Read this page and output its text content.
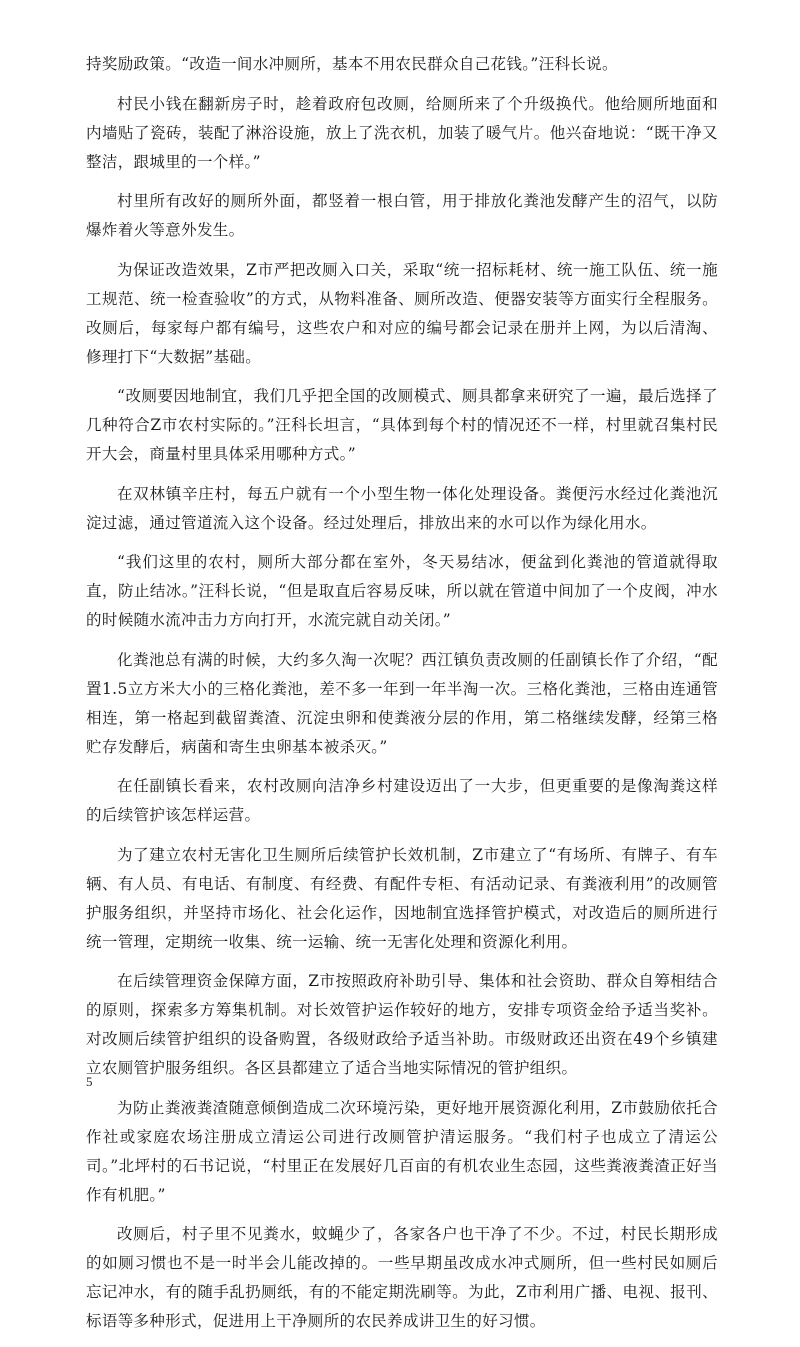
持奖励政策。“改造一间水冲厕所，基本不用农民群众自己花钱。”汪科长说。

村民小钱在翻新房子时，趁着政府包改厕，给厕所来了个升级换代。他给厕所地面和内墙贴了瓷砖，装配了淋浴设施，放上了洗衣机，加装了暖气片。他兴奋地说：“既干净又整洁，跟城里的一个样。”

村里所有改好的厕所外面，都竖着一根白管，用于排放化粪池发酵产生的沼气，以防爆炸着火等意外发生。

为保证改造效果，Z市严把改厕入口关，采取“统一招标耗材、统一施工队伍、统一施工规范、统一检查验收”的方式，从物料准备、厕所改造、便器安装等方面实行全程服务。改厕后，每家每户都有编号，这些农户和对应的编号都会记录在册并上网，为以后清淘、修理打下“大数据”基础。

“改厕要因地制宜，我们几乎把全国的改厕模式、厕具都拿来研究了一遍，最后选择了几种符合Z市农村实际的。”汪科长坦言，“具体到每个村的情况还不一样，村里就召集村民开大会，商量村里具体采用哪种方式。”

在双林镇辛庄村，每五户就有一个小型生物一体化处理设备。粪便污水经过化粪池沉淀过滤，通过管道流入这个设备。经过处理后，排放出来的水可以作为绿化用水。

“我们这里的农村，厕所大部分都在室外，冬天易结冰，便盆到化粪池的管道就得取直，防止结冰。”汪科长说，“但是取直后容易反味，所以就在管道中间加了一个皮阀，冲水的时候随水流冲击力方向打开，水流完就自动关闭。”

化粪池总有满的时候，大约多久淘一次呢？西江镇负责改厕的任副镇长作了介绍，“配置1.5立方米大小的三格化粪池，差不多一年到一年半淘一次。三格化粪池，三格由连通管相连，第一格起到截留粪渣、沉淀虫卵和使粪液分层的作用，第二格继续发酵，经第三格贮存发酵后，病菌和寄生虫卵基本被杀灭。”

在任副镇长看来，农村改厕向洁净乡村建设迈出了一大步，但更重要的是像淘粪这样的后续管护该怎样运营。

为了建立农村无害化卫生厕所后续管护长效机制，Z市建立了“有场所、有牌子、有车辆、有人员、有电话、有制度、有经费、有配件专柜、有活动记录、有粪液利用”的改厕管护服务组织，并坚持市场化、社会化运作，因地制宜选择管护模式，对改造后的厕所进行统一管理，定期统一收集、统一运输、统一无害化处理和资源化利用。

在后续管理资金保障方面，Z市按照政府补助引导、集体和社会资助、群众自筹相结合的原则，探索多方筹集机制。对长效管护运作较好的地方，安排专项资金给予适当奖补。对改厕后续管护组织的设备购置，各级财政给予适当补助。市级财政还出资在49个乡镇建立农厕管护服务组织。各区县都建立了适合当地实际情况的管护组织。

为防止粪液粪渣随意倾倒造成二次环境污染，更好地开展资源化利用，Z市鼓励依托合作社或家庭农场注册成立清运公司进行改厕管护清运服务。“我们村子也成立了清运公司。”北坪村的石书记说，“村里正在发展好几百亩的有机农业生态园，这些粪液粪渣正好当作有机肥。”

改厕后，村子里不见粪水，蚊蝇少了，各家各户也干净了不少。不过，村民长期形成的如厕习惯也不是一时半会儿能改掉的。一些早期虽改成水冲式厕所，但一些村民如厕后忘记冲水，有的随手乱扔厕纸，有的不能定期洗刷等。为此，Z市利用广播、电视、报刊、标语等多种形式，促进用上干净厕所的农民养成讲卫生的好习惯。

5
